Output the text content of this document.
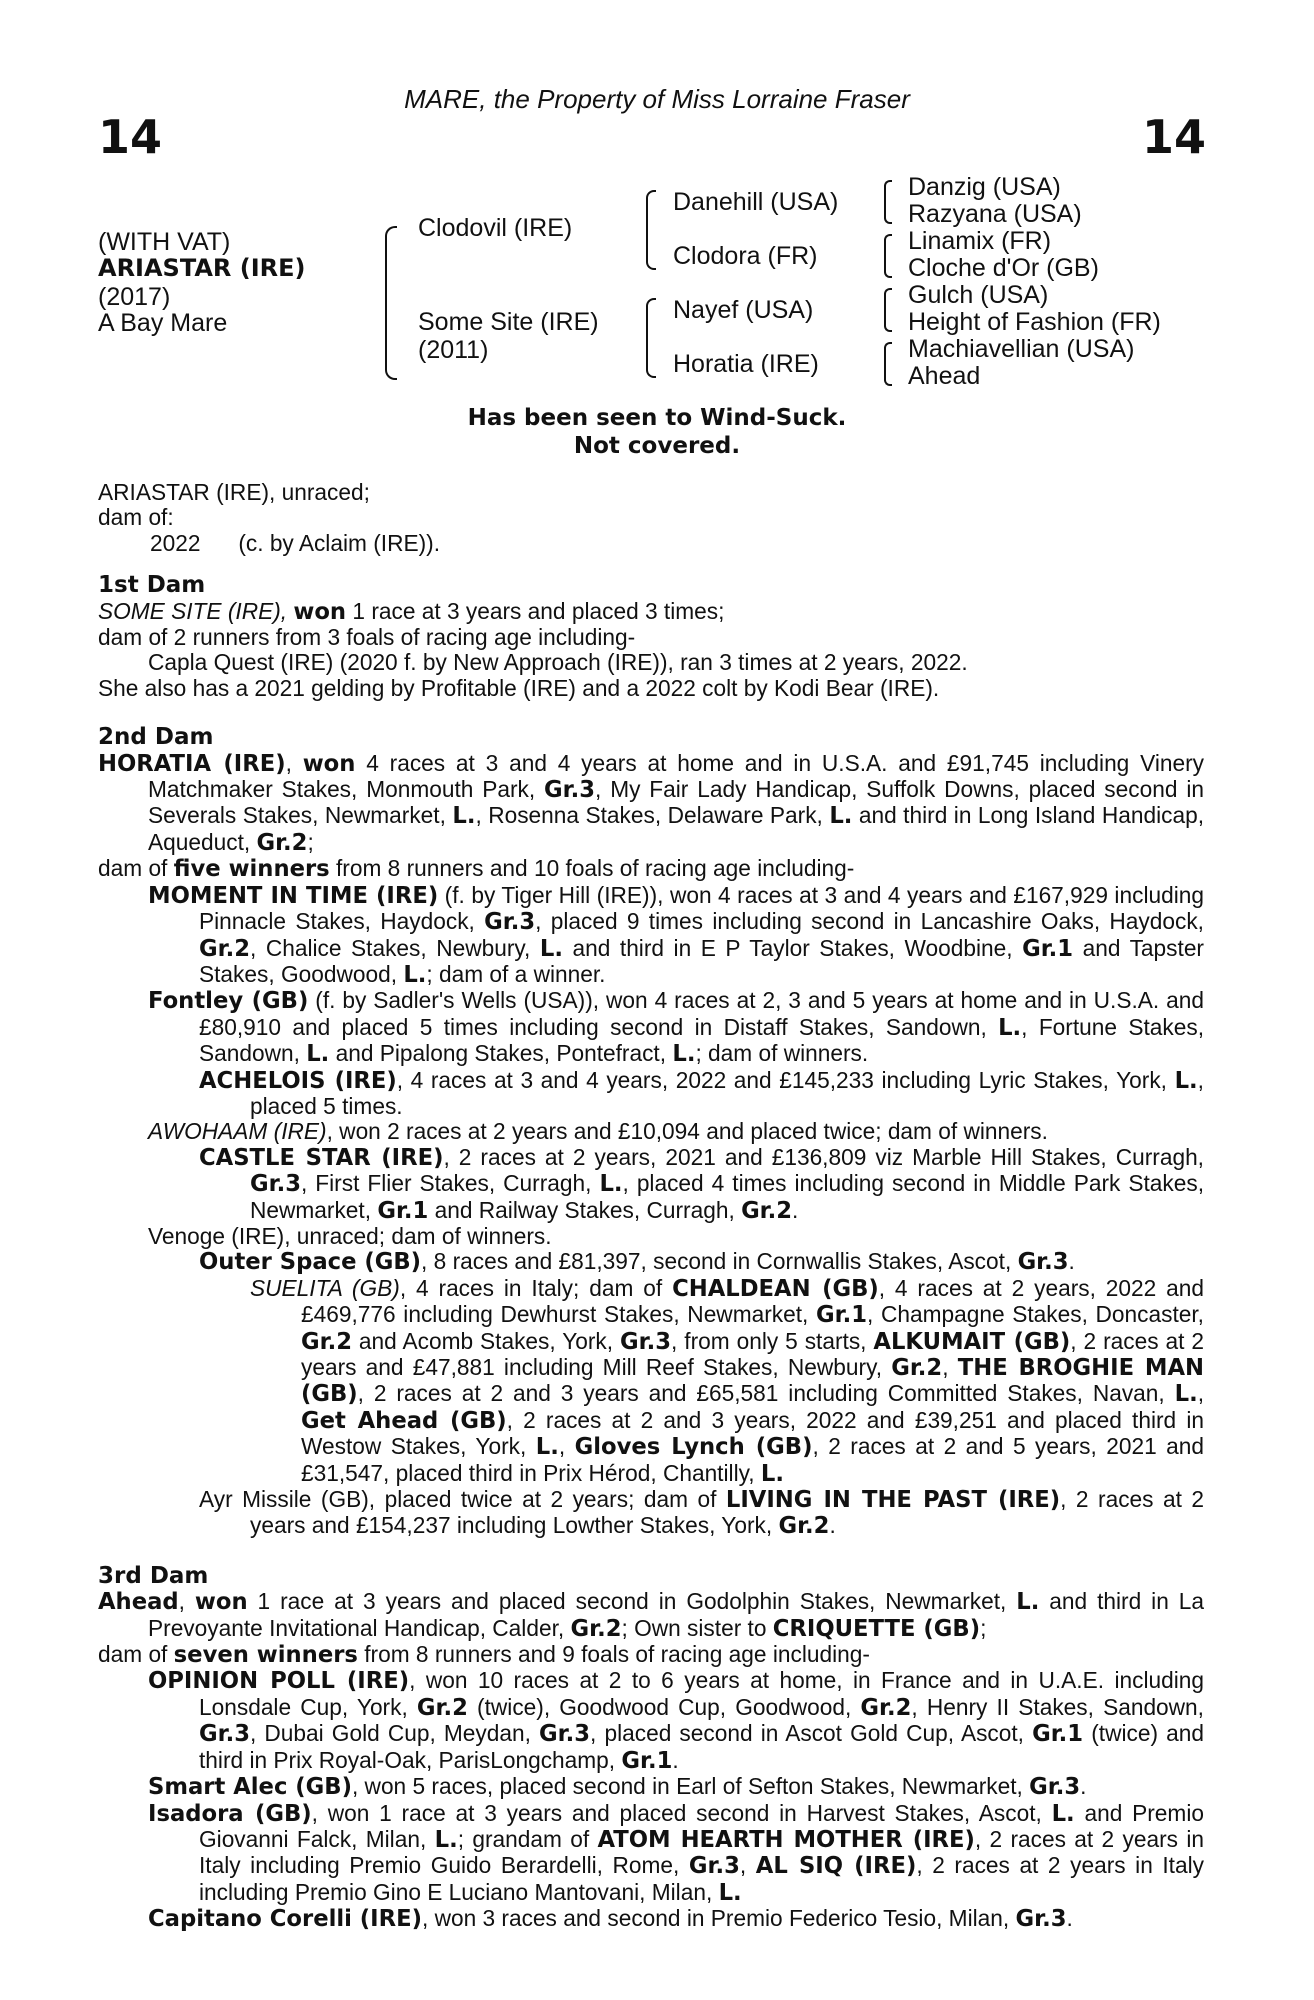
MARE, the Property of Miss Lorraine Fraser
14	14
(WITH VAT)
ARIASTAR (IRE)
(2017)
A Bay Mare
Clodovil (IRE)
Some Site (IRE)
(2011)
Danehill (USA)
Clodora (FR)
Nayef (USA)
Horatia (IRE)
Danzig (USA)
Razyana (USA)
Linamix (FR)
Cloche d'Or (GB)
Gulch (USA)
Height of Fashion (FR)
Machiavellian (USA)
Ahead
Has been seen to Wind-Suck.
Not covered.

ARIASTAR (IRE), unraced;

dam of:

2022 (c. by Aclaim (IRE)).

1st Dam

SOME SITE (IRE), won 1 race at 3 years and placed 3 times;

dam of 2 runners from 3 foals of racing age including-

Capla Quest (IRE) (2020 f. by New Approach (IRE)), ran 3 times at 2 years, 2022.

She also has a 2021 gelding by Profitable (IRE) and a 2022 colt by Kodi Bear (IRE).

2nd Dam

HORATIA (IRE), won 4 races at 3 and 4 years at home and in U.S.A. and £91,745 including Vinery Matchmaker Stakes, Monmouth Park, Gr.3, My Fair Lady Handicap, Suffolk Downs, placed second in Severals Stakes, Newmarket, L., Rosenna Stakes, Delaware Park, L. and third in Long Island Handicap, Aqueduct, Gr.2;

dam of five winners from 8 runners and 10 foals of racing age including-

MOMENT IN TIME (IRE) (f. by Tiger Hill (IRE)), won 4 races at 3 and 4 years and £167,929 including Pinnacle Stakes, Haydock, Gr.3, placed 9 times including second in Lancashire Oaks, Haydock, Gr.2, Chalice Stakes, Newbury, L. and third in E P Taylor Stakes, Woodbine, Gr.1 and Tapster Stakes, Goodwood, L.; dam of a winner.

Fontley (GB) (f. by Sadler's Wells (USA)), won 4 races at 2, 3 and 5 years at home and in U.S.A. and £80,910 and placed 5 times including second in Distaff Stakes, Sandown, L., Fortune Stakes, Sandown, L. and Pipalong Stakes, Pontefract, L.; dam of winners.

ACHELOIS (IRE), 4 races at 3 and 4 years, 2022 and £145,233 including Lyric Stakes, York, L., placed 5 times.

AWOHAAM (IRE), won 2 races at 2 years and £10,094 and placed twice; dam of winners.

CASTLE STAR (IRE), 2 races at 2 years, 2021 and £136,809 viz Marble Hill Stakes, Curragh, Gr.3, First Flier Stakes, Curragh, L., placed 4 times including second in Middle Park Stakes, Newmarket, Gr.1 and Railway Stakes, Curragh, Gr.2.

Venoge (IRE), unraced; dam of winners.

Outer Space (GB), 8 races and £81,397, second in Cornwallis Stakes, Ascot, Gr.3.

SUELITA (GB), 4 races in Italy; dam of CHALDEAN (GB), 4 races at 2 years, 2022 and £469,776 including Dewhurst Stakes, Newmarket, Gr.1, Champagne Stakes, Doncaster, Gr.2 and Acomb Stakes, York, Gr.3, from only 5 starts, ALKUMAIT (GB), 2 races at 2 years and £47,881 including Mill Reef Stakes, Newbury, Gr.2, THE BROGHIE MAN (GB), 2 races at 2 and 3 years and £65,581 including Committed Stakes, Navan, L., Get Ahead (GB), 2 races at 2 and 3 years, 2022 and £39,251 and placed third in Westow Stakes, York, L., Gloves Lynch (GB), 2 races at 2 and 5 years, 2021 and £31,547, placed third in Prix Hérod, Chantilly, L.

Ayr Missile (GB), placed twice at 2 years; dam of LIVING IN THE PAST (IRE), 2 races at 2 years and £154,237 including Lowther Stakes, York, Gr.2.

3rd Dam

Ahead, won 1 race at 3 years and placed second in Godolphin Stakes, Newmarket, L. and third in La Prevoyante Invitational Handicap, Calder, Gr.2; Own sister to CRIQUETTE (GB);

dam of seven winners from 8 runners and 9 foals of racing age including-

OPINION POLL (IRE), won 10 races at 2 to 6 years at home, in France and in U.A.E. including Lonsdale Cup, York, Gr.2 (twice), Goodwood Cup, Goodwood, Gr.2, Henry II Stakes, Sandown, Gr.3, Dubai Gold Cup, Meydan, Gr.3, placed second in Ascot Gold Cup, Ascot, Gr.1 (twice) and third in Prix Royal-Oak, ParisLongchamp, Gr.1.

Smart Alec (GB), won 5 races, placed second in Earl of Sefton Stakes, Newmarket, Gr.3.

Isadora (GB), won 1 race at 3 years and placed second in Harvest Stakes, Ascot, L. and Premio Giovanni Falck, Milan, L.; grandam of ATOM HEARTH MOTHER (IRE), 2 races at 2 years in Italy including Premio Guido Berardelli, Rome, Gr.3, AL SIQ (IRE), 2 races at 2 years in Italy including Premio Gino E Luciano Mantovani, Milan, L.

Capitano Corelli (IRE), won 3 races and second in Premio Federico Tesio, Milan, Gr.3.
